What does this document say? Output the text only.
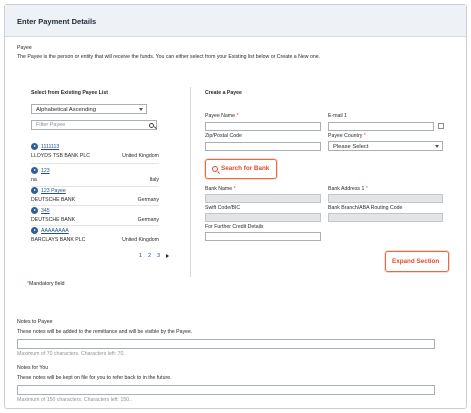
Enter Payment Details
Payee
The Payee is the person or entity that will receive the funds. You can either select from your Existing list below or Create a New one.
Select from Existing Payee List
Alphabetical Ascending
Filter Payee
1111113
LLOYDS TSB BANK PLC	United Kingdom
123
na	Italy
123 Payee
DEUTSCHE BANK	Germany
345
DEUTSCHE BANK	Germany
AAAAAAAA
BARCLAYS BANK PLC	United Kingdom
1 2 3
Create a Payee
Payee Name *	E-mail 1
Zip/Postal Code	Payee Country *
Please Select
Search for Bank
Bank Name *	Bank Address 1 *
Swift Code/BIC	Bank Branch/ABA Routing Code
For Further Credit Details
Expand Section
*Mandatory field
Notes to Payee
These notes will be added to the remittance and will be visible by the Payee.
Maximum of 70 characters. Characters left: 70.
Notes for You
These notes will be kept on file for you to refer back to in the future.
Maximum of 150 characters. Characters left: 150..
